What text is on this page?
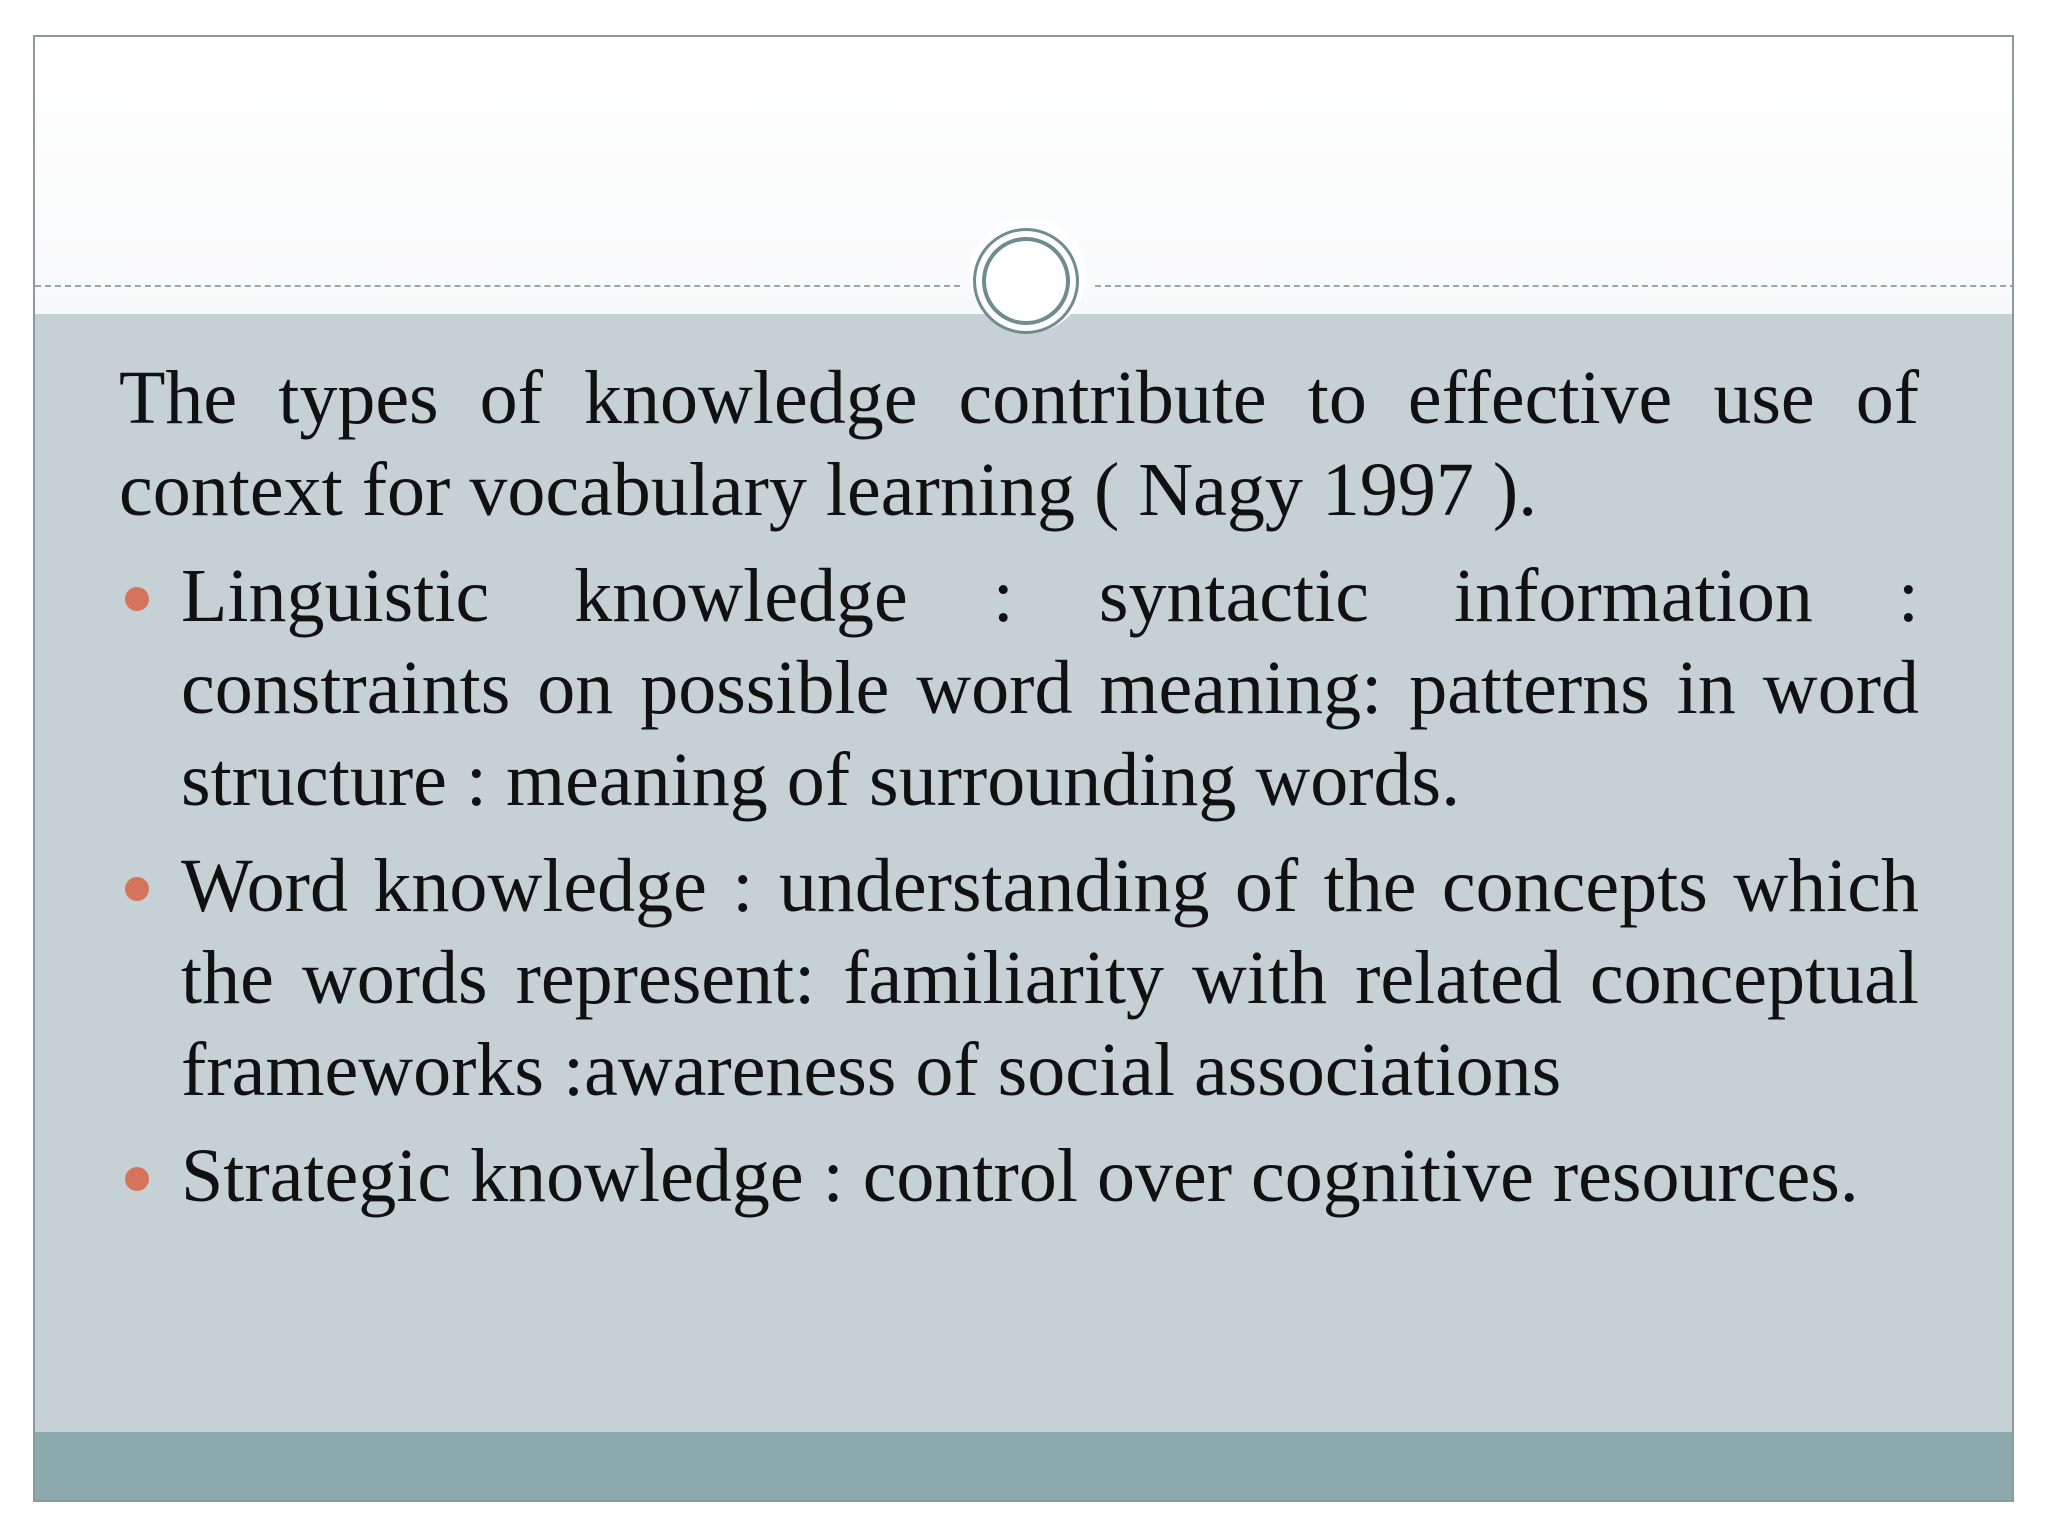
The types of knowledge contribute to effective use of context for vocabulary learning ( Nagy 1997 ).

Linguistic knowledge : syntactic information : constraints on possible word meaning: patterns in word structure : meaning of surrounding words.
Word knowledge : understanding of the concepts which the words represent: familiarity with related conceptual frameworks :awareness of social associations
Strategic knowledge : control over cognitive resources.
